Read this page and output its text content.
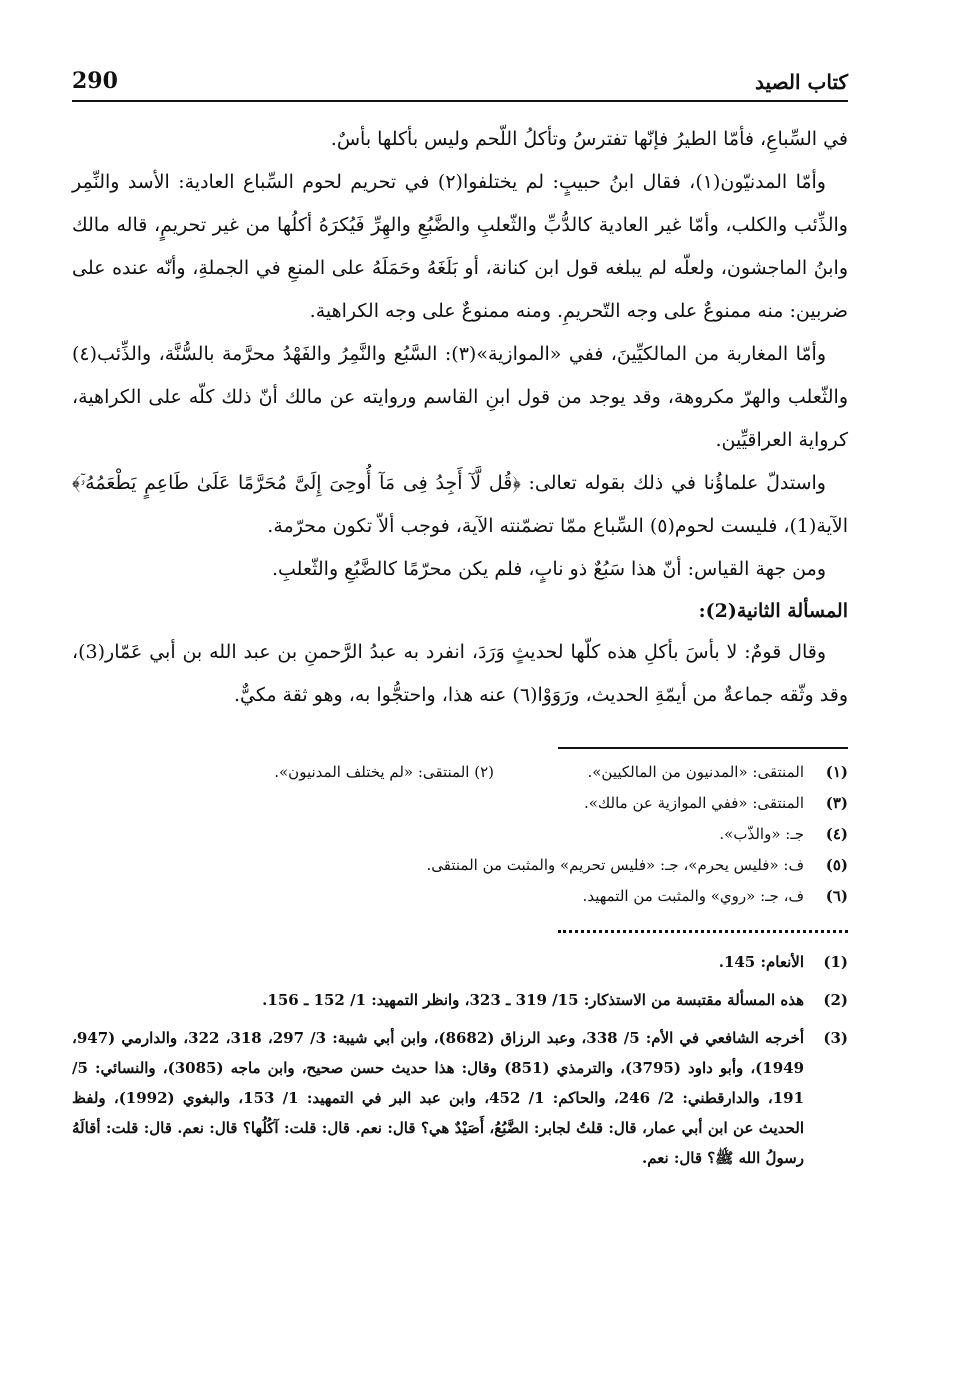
كتاب الصيد
290

في السِّباعِ، فأمّا الطيرُ فإنّها تفترسُ وتأكلُ اللّحم وليس بأكلها بأسٌ.

وأمّا المدنيّون(١)، فقال ابنُ حبيبٍ: لم يختلفوا(٢) في تحريم لحوم السِّباع العادية: الأسد والنِّمِر والذِّئب والكلب، وأمّا غير العادية كالدُّبِّ والثّعلبِ والضَّبُعِ والهِرِّ فَيُكرَهُ أكلُها من غير تحريمٍ، قاله مالك وابنُ الماجشون، ولعلّه لم يبلغه قول ابن كنانة، أو بَلَغَهُ وحَمَلَهُ على المنعِ في الجملةِ، وأنّه عنده على ضربين: منه ممنوعٌ على وجه التّحريمِ. ومنه ممنوعٌ على وجه الكراهية.

وأمّا المغاربة من المالكيِّينَ، ففي «الموازية»(٣): السَّبُع والنَّمِرُ والفَهْدُ محرَّمة بالسُّنَّة، والذِّئب(٤) والثّعلب والهرّ مكروهة، وقد يوجد من قول ابنِ القاسم وروايته عن مالك أنّ ذلك كلّه على الكراهية، كرواية العراقيِّين.

واستدلّ علماؤُنا في ذلك بقوله تعالى: ﴿قُل لَّآ أَجِدُ فِى مَآ أُوحِىَ إِلَىَّ مُحَرَّمًا عَلَىٰ طَاعِمٍ يَطْعَمُهُۥٓ﴾ الآية(1)، فليست لحوم(٥) السِّباع ممّا تضمّنته الآية، فوجب ألاّ تكون محرّمة.

ومن جهة القياس: أنّ هذا سَبُعٌ ذو نابٍ، فلم يكن محرّمًا كالضَّبُعِ والثّعلبِ.

المسألة الثانية(2):

وقال قومٌ: لا بأسَ بأكلِ هذه كلّها لحديثٍ وَرَدَ، انفرد به عبدُ الرَّحمنِ بن عبد الله بن أبي عَمّار(3)، وقد وثّقه جماعةٌ من أيمّةِ الحديث، ورَوَوْا(٦) عنه هذا، واحتجُّوا به، وهو ثقة مكيٌّ.

(١)
المنتقى: «المدنيون من المالكيين».
(٢) المنتقى: «لم يختلف المدنيون».
(٣)
المنتقى: «ففي الموازية عن مالك».
(٤)
جـ: «والذّب».
(٥)
ف: «فليس يحرم»، جـ: «فليس تحريم» والمثبت من المنتقى.
(٦)
ف، جـ: «روي» والمثبت من التمهيد.
(1)
الأنعام: 145.
(2)
هذه المسألة مقتبسة من الاستذكار: 15/ 319 ـ 323، وانظر التمهيد: 1/ 152 ـ 156.
(3)
أخرجه الشافعي في الأم: 5/ 338، وعبد الرزاق (8682)، وابن أبي شيبة: 3/ 297، 318، 322، والدارمي (947، 1949)، وأبو داود (3795)، والترمذي (851) وقال: هذا حديث حسن صحيح، وابن ماجه (3085)، والنسائي: 5/ 191، والدارقطني: 2/ 246، والحاكم: 1/ 452، وابن عبد البر في التمهيد: 1/ 153، والبغوي (1992)، ولفظ الحديث عن ابن أبي عمار، قال: قلتُ لجابر: الضَّبُعُ، أَصَيْدٌ هي؟ قال: نعم. قال: قلت: آكُلُها؟ قال: نعم. قال: قلت: أقالَهُ رسولُ الله ﷺ؟ قال: نعم.
